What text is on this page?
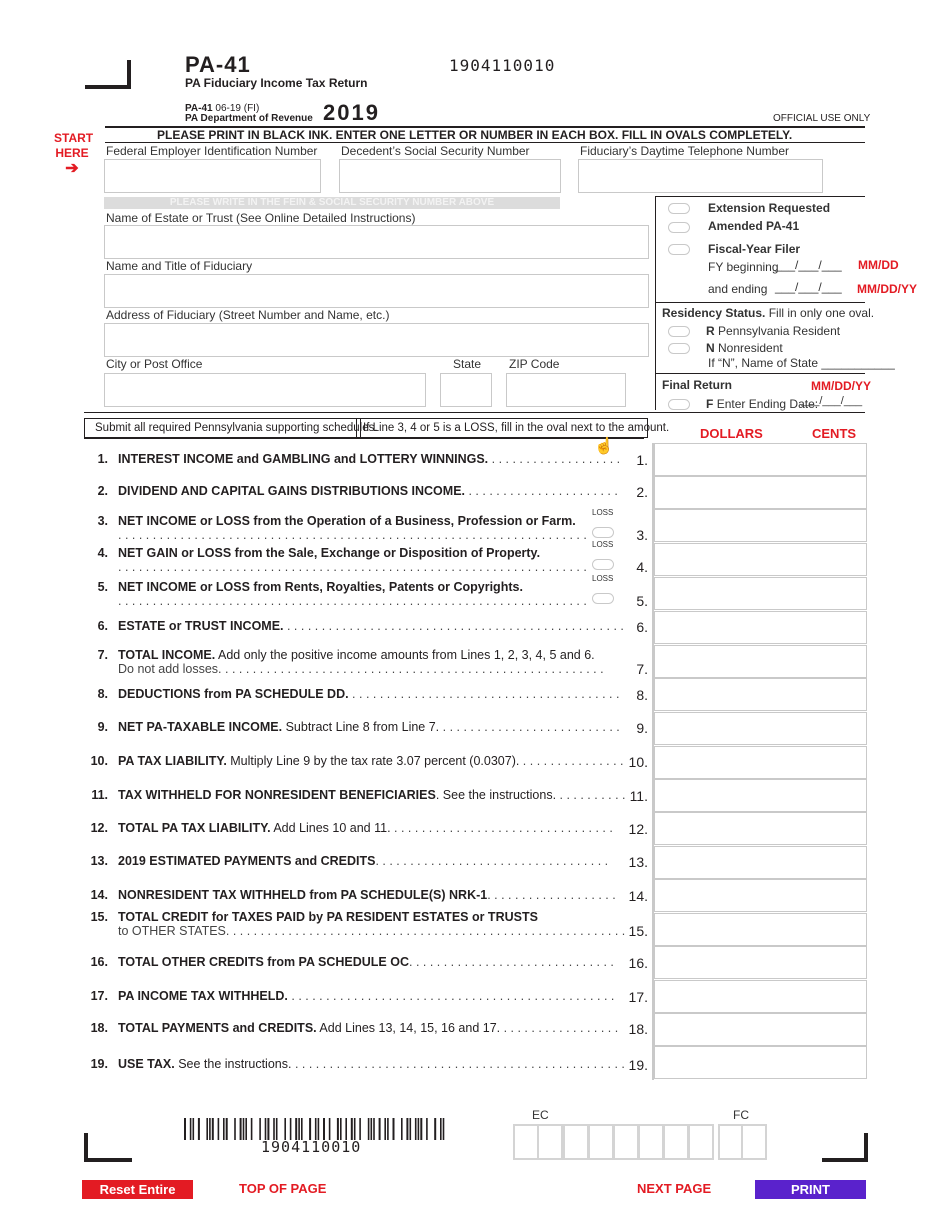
PA-41
PA Fiduciary Income Tax Return
1904110010
PA-41 06-19 (FI)
PA Department of Revenue 2019	OFFICIAL USE ONLY
PLEASE PRINT IN BLACK INK. ENTER ONE LETTER OR NUMBER IN EACH BOX. FILL IN OVALS COMPLETELY.
START
HERE
➔
Federal Employer Identification Number Decedent’s Social Security Number	Fiduciary’s Daytime Telephone Number
PLEASE WRITE IN THE FEIN & SOCIAL SECURITY NUMBER ABOVE
Name of Estate or Trust (See Online Detailed Instructions)
Name and Title of Fiduciary
Address of Fiduciary (Street Number and Name, etc.)
City or Post Office	State ZIP Code
Extension Requested
Amended PA-41
Fiscal-Year Filer
FY beginning
___/___/___ MM/DD
and ending ___/___/___ MM/DD/YY
Residency Status. Fill in only one oval.
R Pennsylvania Resident
N Nonresident
If “N”, Name of State ___________
Final Return	MM/DD/YY
F Enter Ending Date:
___/___/___
Submit all required Pennsylvania supporting schedules.
If Line 3, 4 or 5 is a LOSS, fill in the oval next to the amount.
☝
DOLLARS	CENTS
1. INTEREST INCOME and GAMBLING and LOTTERY WINNINGS. . . . . . . . . . . . . . . . . . . .	1.
2. DIVIDEND AND CAPITAL GAINS DISTRIBUTIONS INCOME. . . . . . . . . . . . . . . . . . . . . . .	2.
3. NET INCOME or LOSS from the Operation of a Business, Profession or Farm.
. . . . . . . . . . . . . . . . . . . . . . . . . . . . . . . . . . . . . . . . . . . . . . . . . . . . . . . . . . . . . . . . . . . .	3.
LOSS
4. NET GAIN or LOSS from the Sale, Exchange or Disposition of Property.
. . . . . . . . . . . . . . . . . . . . . . . . . . . . . . . . . . . . . . . . . . . . . . . . . . . . . . . . . . . . . . . . . . . .	4.
LOSS
5. NET INCOME or LOSS from Rents, Royalties, Patents or Copyrights.
. . . . . . . . . . . . . . . . . . . . . . . . . . . . . . . . . . . . . . . . . . . . . . . . . . . . . . . . . . . . . . . . . . . .	5.
LOSS
6. ESTATE or TRUST INCOME. . . . . . . . . . . . . . . . . . . . . . . . . . . . . . . . . . . . . . . . . . . . . . . . . . 6.
7. TOTAL INCOME. Add only the positive income amounts from Lines 1, 2, 3, 4, 5 and 6.
Do not add losses. . . . . . . . . . . . . . . . . . . . . . . . . . . . . . . . . . . . . . . . . . . . . . . . . . . . . . . .	7.
8. DEDUCTIONS from PA SCHEDULE DD. . . . . . . . . . . . . . . . . . . . . . . . . . . . . . . . . . . . . . . .	8.
9. NET PA-TAXABLE INCOME. Subtract Line 8 from Line 7. . . . . . . . . . . . . . . . . . . . . . . . . . .	9.
10. PA TAX LIABILITY. Multiply Line 9 by the tax rate 3.07 percent (0.0307). . . . . . . . . . . . . . . . 10.
11. TAX WITHHELD FOR NONRESIDENT BENEFICIARIES. See the instructions. . . . . . . . . . . 11.
12. TOTAL PA TAX LIABILITY. Add Lines 10 and 11. . . . . . . . . . . . . . . . . . . . . . . . . . . . . . . . .	12.
13. 2019 ESTIMATED PAYMENTS and CREDITS. . . . . . . . . . . . . . . . . . . . . . . . . . . . . . . . . .	13.
14. NONRESIDENT TAX WITHHELD from PA SCHEDULE(S) NRK-1. . . . . . . . . . . . . . . . . . . 14.
15. TOTAL CREDIT for TAXES PAID by PA RESIDENT ESTATES or TRUSTS
to OTHER STATES. . . . . . . . . . . . . . . . . . . . . . . . . . . . . . . . . . . . . . . . . . . . . . . . . . . . . . . . . . 15.
16. TOTAL OTHER CREDITS from PA SCHEDULE OC. . . . . . . . . . . . . . . . . . . . . . . . . . . . . .	16.
17. PA INCOME TAX WITHHELD. . . . . . . . . . . . . . . . . . . . . . . . . . . . . . . . . . . . . . . . . . . . . . . .	17.
18. TOTAL PAYMENTS and CREDITS. Add Lines 13, 14, 15, 16 and 17. . . . . . . . . . . . . . . . . . 18.
19. USE TAX. See the instructions. . . . . . . . . . . . . . . . . . . . . . . . . . . . . . . . . . . . . . . . . . . . . . . . . 19.
1904110010
EC	FC
Reset Entire Form
TOP OF PAGE	NEXT PAGE	PRINT
